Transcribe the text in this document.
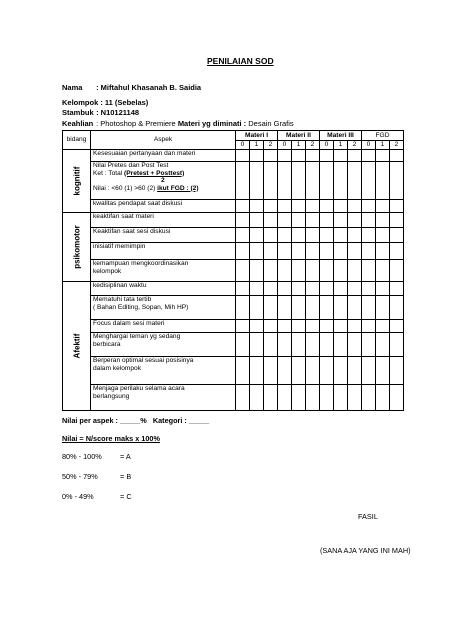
PENILAIAN SOD
Nama : Miftahul Khasanah B. Saidia
Kelompok : 11 (Sebelas)
Stambuk : N10121148
Keahlian : Photoshop & Premiere Materi yg diminati : Desain Grafis
bidang	Aspek	Materi I			Materi II			Materi III			FGD		
		0	1	2	0	1	2	0	1	2	0	1	2

kognitif	Kesesuaian pertanyaan dan materi												

	Nilai Pretes dan Post Test
Ket : Total (Pretest + Posttest)
2
Nilai : <60 (1) >60 (2) ikut FGD : (2)												

	kwalitas pendapat saat diskusi												

psikomotor	keaktifan saat materi												
	Keaktifan saat sesi diskusi												
	inisiatif memimpin												

	kemampuan mengkoordinasikan
kelompok												

Afektif	kedisiplinan waktu												

	Mematuhi tata tertib
( Bahan Editing, Sopan, Mih HP)												

	Focus dalam sesi materi												

	Menghargai teman yg sedang
berbicara												

	Berperan optimal sesuai posisinya
dalam kelompok												

	Menjaga perilaku selama acara
berlangsung												

Nilai per aspek : _____% Kategori : _____
Nilai = N/score maks x 100%
80% - 100%	= A
50% - 79%	= B
0% - 49%	= C
FASIL
(SANA AJA YANG INI MAH)
